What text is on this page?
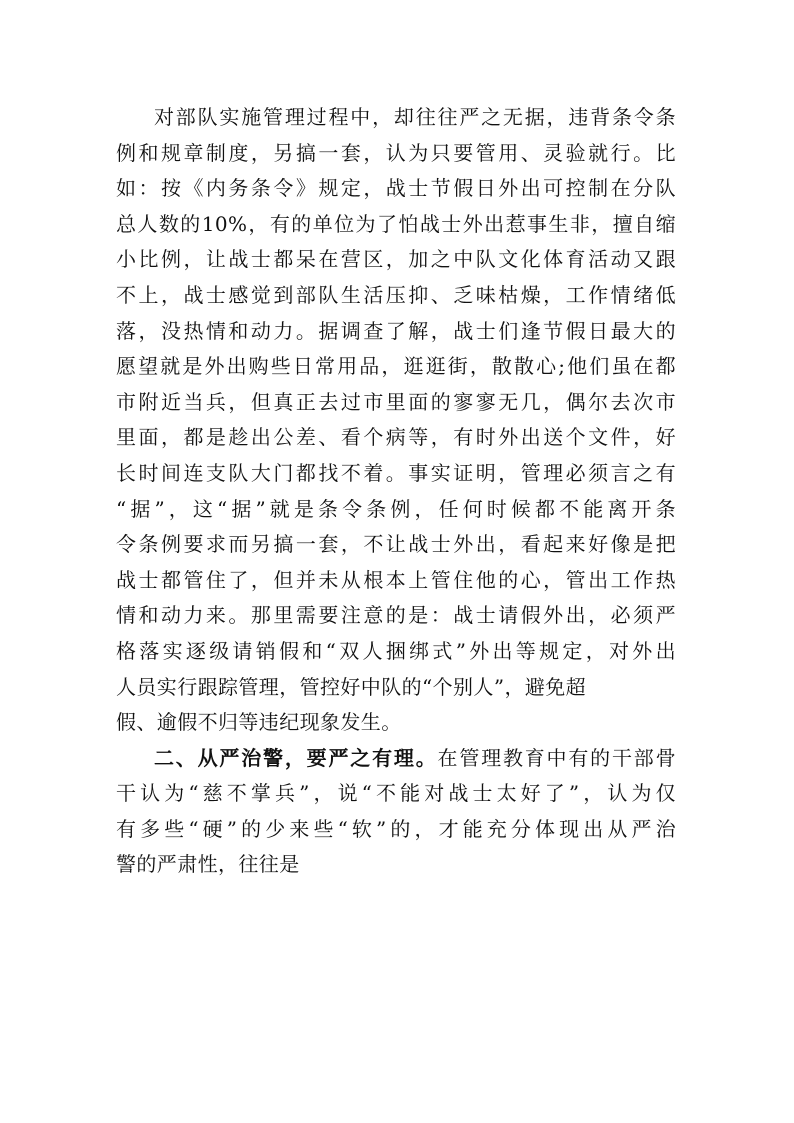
对部队实施管理过程中，却往往严之无据，违背条令条
例和规章制度，另搞一套，认为只要管用、灵验就行。比
如：按《内务条令》规定，战士节假日外出可控制在分队
总人数的10%，有的单位为了怕战士外出惹事生非，擅自缩
小比例，让战士都呆在营区，加之中队文化体育活动又跟
不上，战士感觉到部队生活压抑、乏味枯燥，工作情绪低
落，没热情和动力。据调查了解，战士们逢节假日最大的
愿望就是外出购些日常用品，逛逛街，散散心;他们虽在都
市附近当兵，但真正去过市里面的寥寥无几，偶尔去次市
里面，都是趁出公差、看个病等，有时外出送个文件，好
长时间连支队大门都找不着。事实证明，管理必须言之有
“据”，这“据”就是条令条例，任何时候都不能离开条
令条例要求而另搞一套，不让战士外出，看起来好像是把
战士都管住了，但并未从根本上管住他的心，管出工作热
情和动力来。那里需要注意的是：战士请假外出，必须严
格落实逐级请销假和“双人捆绑式”外出等规定，对外出
人员实行跟踪管理，管控好中队的“个别人”，避免超
假、逾假不归等违纪现象发生。
二、从严治警，要严之有理。在管理教育中有的干部骨
干认为“慈不掌兵”，说“不能对战士太好了”，认为仅
有多些“硬”的少来些“软”的，才能充分体现出从严治
警的严肃性，往往是
